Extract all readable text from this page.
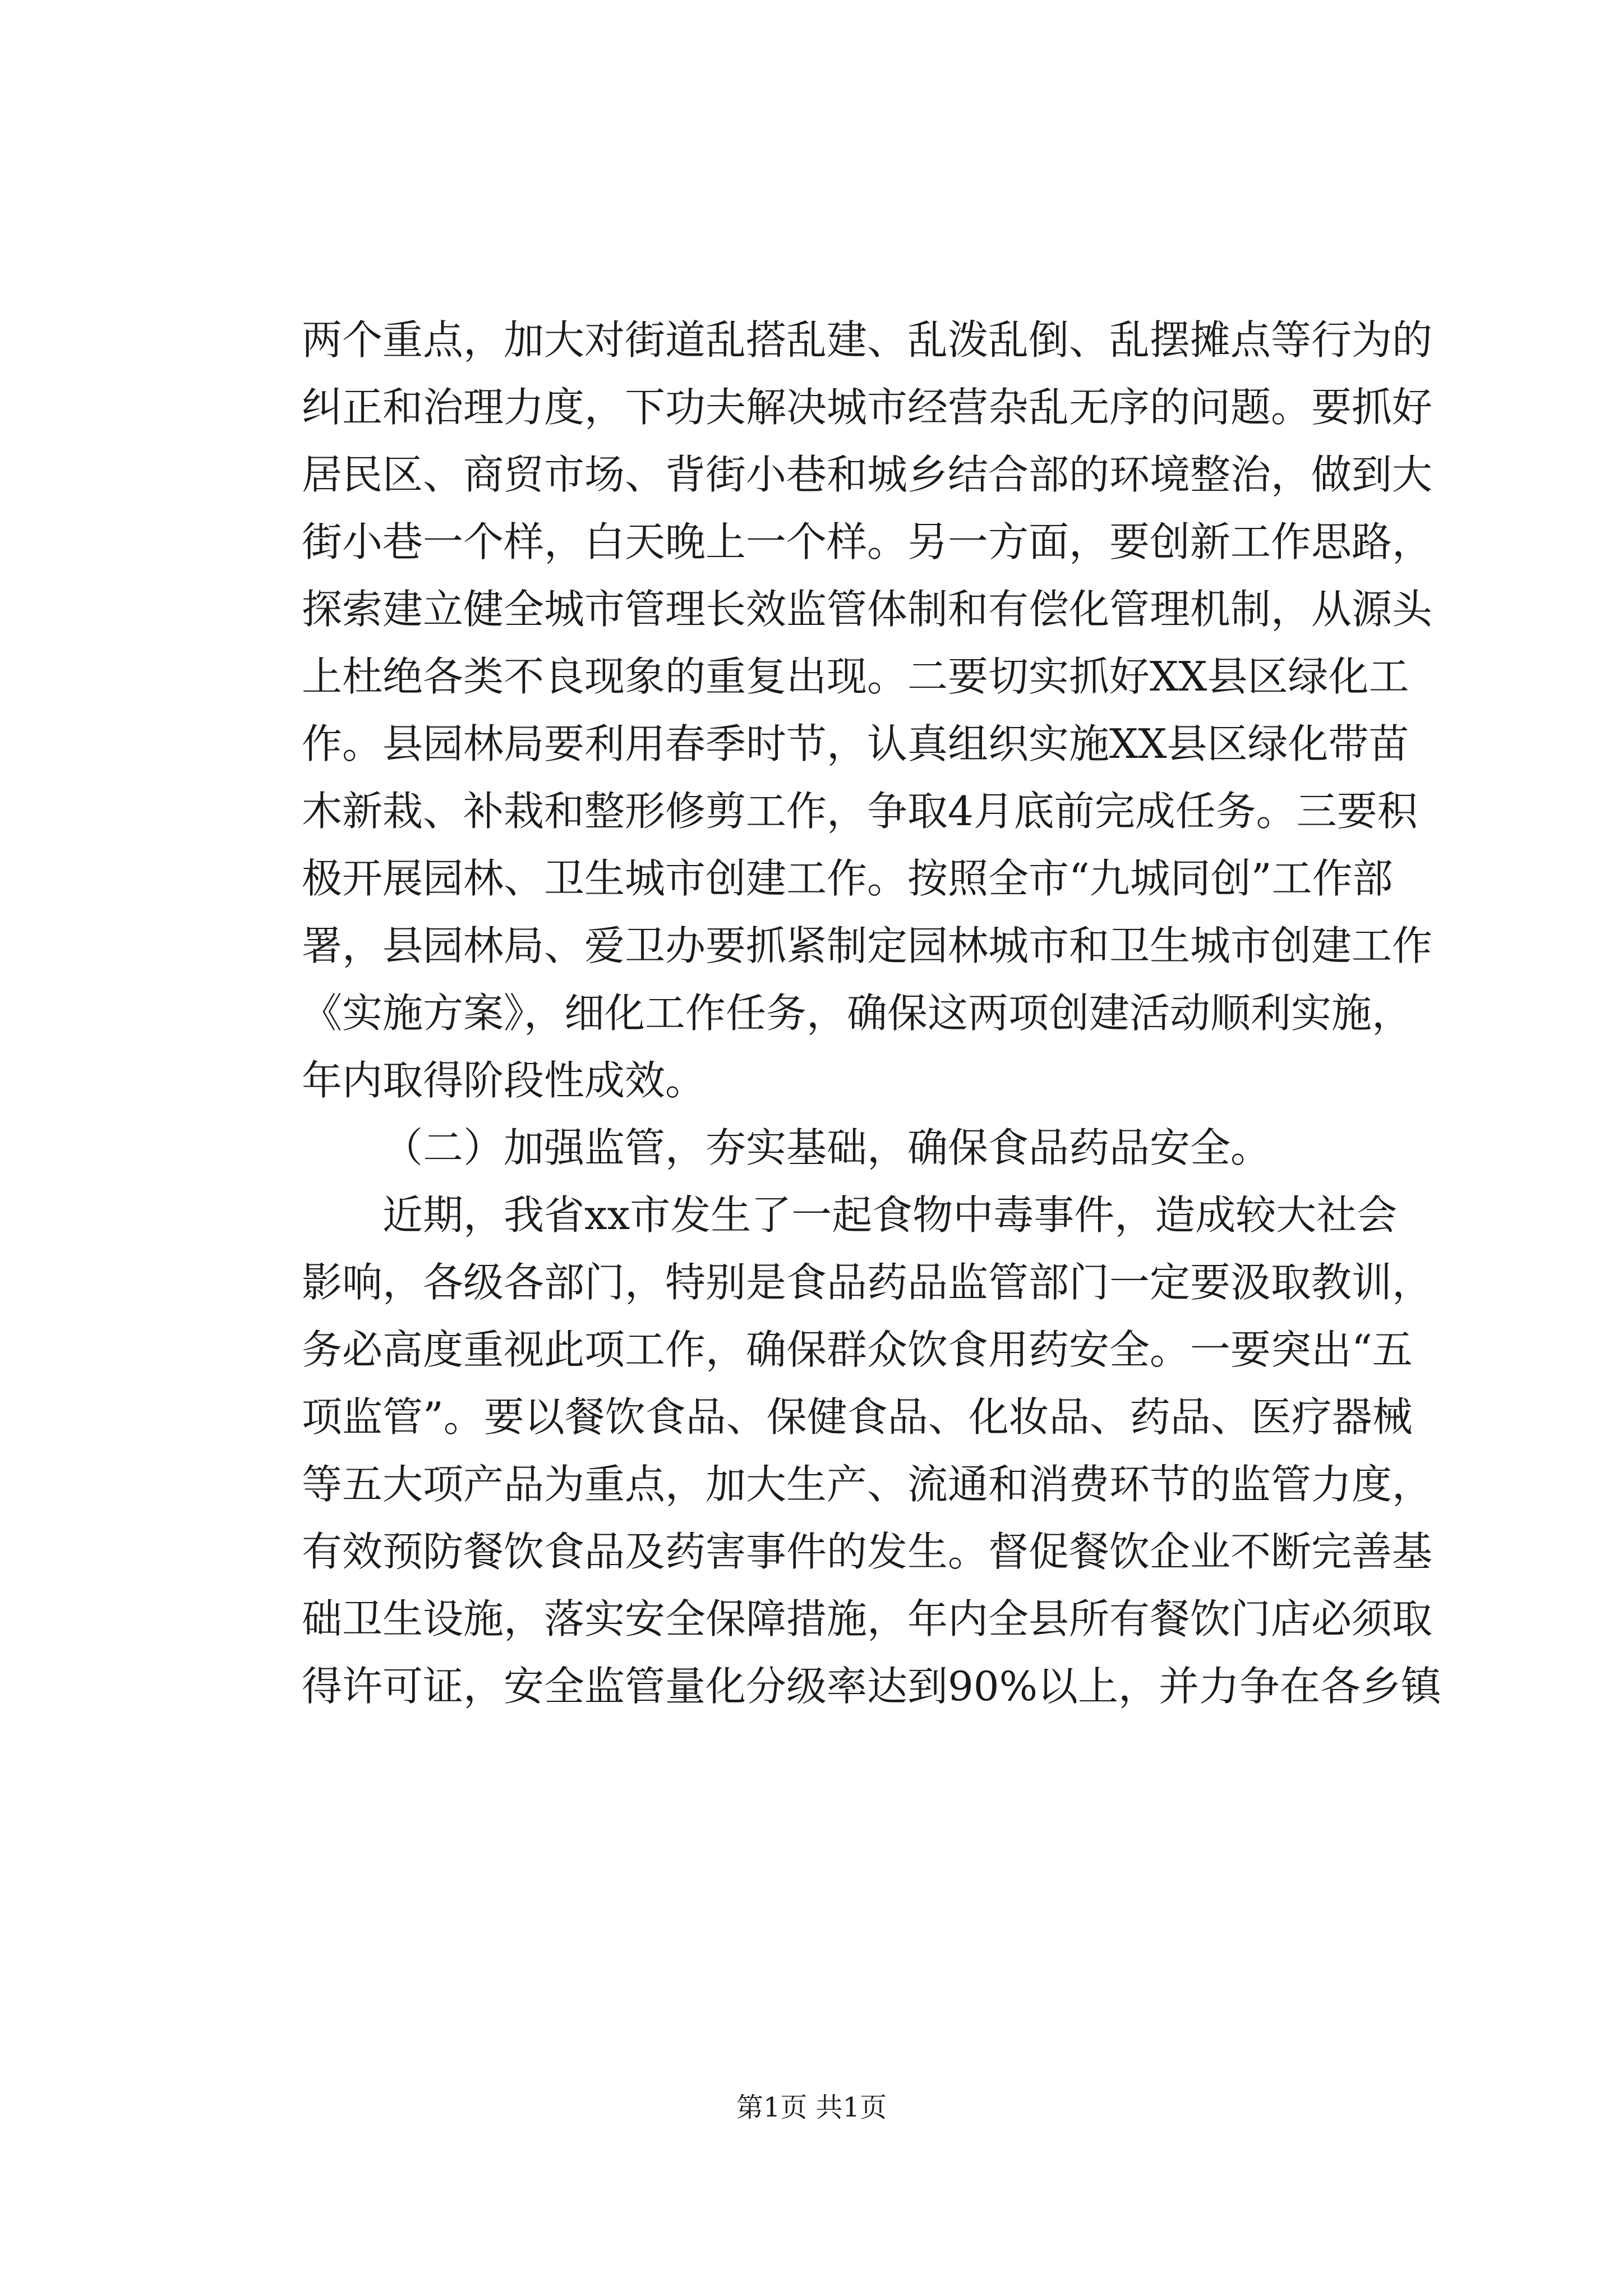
两个重点，加大对街道乱搭乱建、乱泼乱倒、乱摆摊点等行为的
纠正和治理力度，下功夫解决城市经营杂乱无序的问题。要抓好
居民区、商贸市场、背街小巷和城乡结合部的环境整治，做到大
街小巷一个样，白天晚上一个样。另一方面，要创新工作思路，
探索建立健全城市管理长效监管体制和有偿化管理机制，从源头
上杜绝各类不良现象的重复出现。二要切实抓好XX县区绿化工
作。县园林局要利用春季时节，认真组织实施XX县区绿化带苗
木新栽、补栽和整形修剪工作，争取4月底前完成任务。三要积
极开展园林、卫生城市创建工作。按照全市“九城同创”工作部
署，县园林局、爱卫办要抓紧制定园林城市和卫生城市创建工作
《实施方案》，细化工作任务，确保这两项创建活动顺利实施，
年内取得阶段性成效。
（二）加强监管，夯实基础，确保食品药品安全。
近期，我省xx市发生了一起食物中毒事件，造成较大社会
影响，各级各部门，特别是食品药品监管部门一定要汲取教训，
务必高度重视此项工作，确保群众饮食用药安全。一要突出“五
项监管”。要以餐饮食品、保健食品、化妆品、药品、医疗器械
等五大项产品为重点，加大生产、流通和消费环节的监管力度，
有效预防餐饮食品及药害事件的发生。督促餐饮企业不断完善基
础卫生设施，落实安全保障措施，年内全县所有餐饮门店必须取
得许可证，安全监管量化分级率达到90%以上，并力争在各乡镇
第1页 共1页
